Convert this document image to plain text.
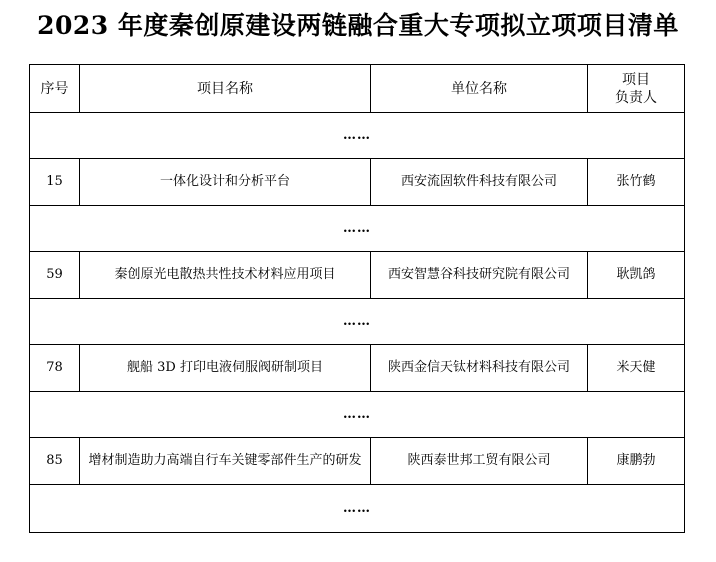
2023 年度秦创原建设两链融合重大专项拟立项项目清单
序号	项目名称	单位名称	项目
负责人

……			
15	一体化设计和分析平台	西安流固软件科技有限公司	张竹鹤
……			
59	秦创原光电散热共性技术材料应用项目	西安智慧谷科技研究院有限公司	耿凯鸽
……			
78	舰船 3D 打印电液伺服阀研制项目	陕西金信天钛材料科技有限公司	米天健
……			
85	增材制造助力高端自行车关键零部件生产的研发	陕西泰世邦工贸有限公司	康鹏勃
……			
